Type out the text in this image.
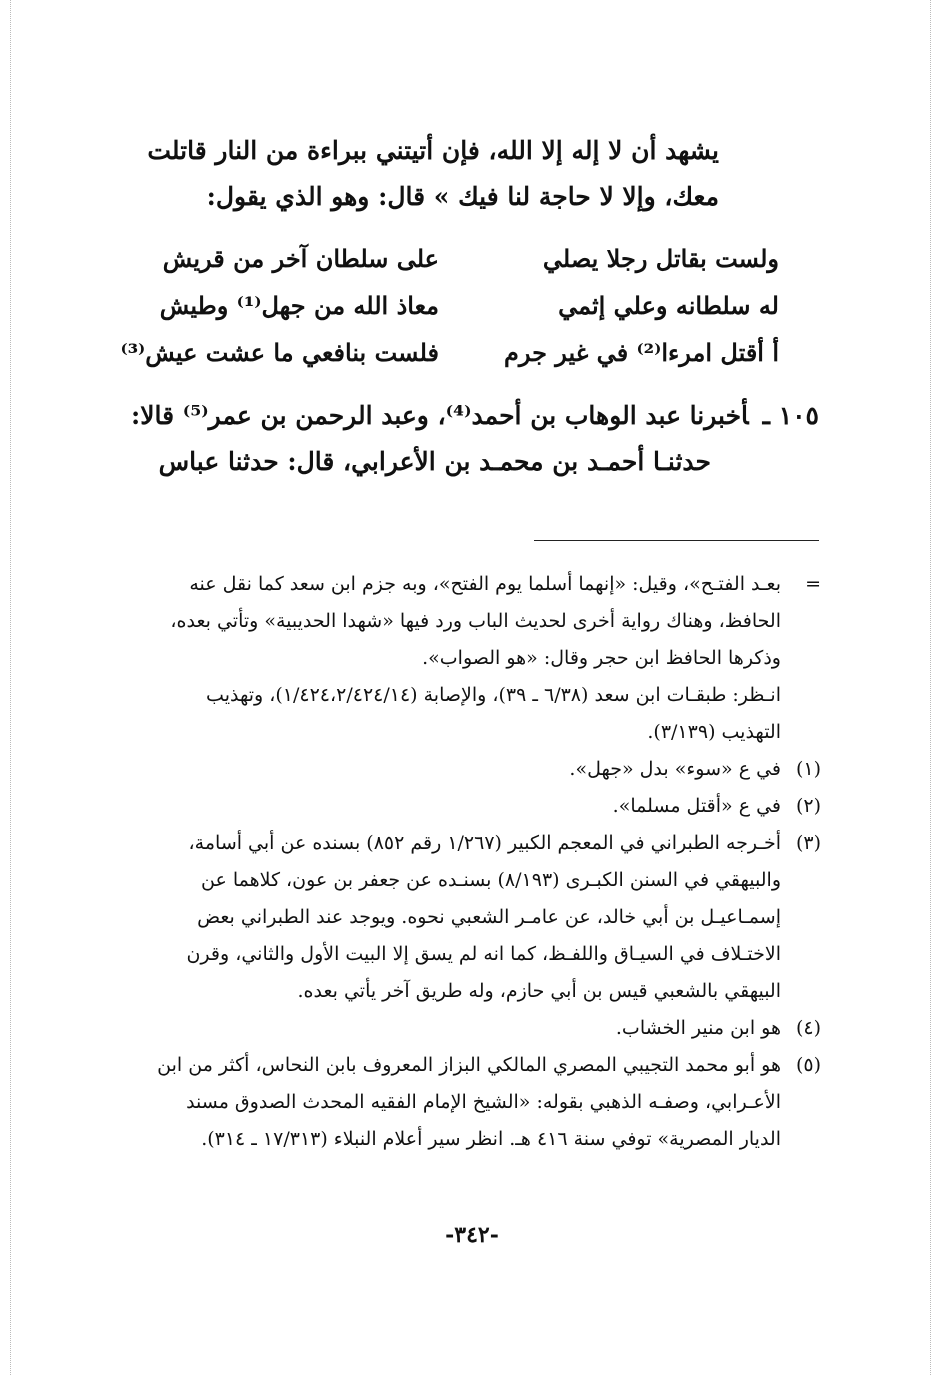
يشهد أن لا إله إلا الله، فإن أتيتني ببراءة من النار قاتلت
معك، وإلا لا حاجة لنا فيك » قال: وهو الذي يقول:
ولست بقاتل رجلا يصلي
على سلطان آخر من قريش
له سلطانه وعلي إثمي
معاذ الله من جهل⁽¹⁾ وطيش
أ أقتل امرءا⁽²⁾ في غير جرم
فلست بنافعي ما عشت عيش⁽³⁾
١٠٥ ـأخبرنا عبد الوهاب بن أحمد⁽⁴⁾، وعبد الرحمن بن عمر⁽⁵⁾ قالا:
حدثنـا أحمـد بن محمـد بن الأعرابي، قال: حدثنا عباس
=
بعـد الفتـح»، وقيل: «إنهما أسلما يوم الفتح»، وبه جزم ابن سعد كما نقل عنه
الحافظ، وهناك رواية أخرى لحديث الباب ورد فيها «شهدا الحديبية» وتأتي بعده،
وذكرها الحافظ ابن حجر وقال: «هو الصواب».
انـظر: طبقـات ابن سعد (٦/٣٨ ـ ٣٩)، والإصابة (١/٤٢٤،٢/٤٢٤/١٤)، وتهذيب
التهذيب (٣/١٣٩).
(١)
في ع «سوء» بدل «جهل».
(٢)
في ع «أقتل مسلما».
(٣)
أخـرجه الطبراني في المعجم الكبير (١/٢٦٧ رقم ٨٥٢) بسنده عن أبي أسامة،
والبيهقي في السنن الكبـرى (٨/١٩٣) بسنـده عن جعفر بن عون، كلاهما عن
إسمـاعيـل بن أبي خالد، عن عامـر الشعبي نحوه. ويوجد عند الطبراني بعض
الاختـلاف في السيـاق واللفـظ، كما انه لم يسق إلا البيت الأول والثاني، وقرن
البيهقي بالشعبي قيس بن أبي حازم، وله طريق آخر يأتي بعده.
(٤)
هو ابن منير الخشاب.
(٥)
هو أبو محمد التجيبي المصري المالكي البزاز المعروف بابن النحاس، أكثر من ابن
الأعـرابي، وصفـه الذهبي بقوله: «الشيخ الإمام الفقيه المحدث الصدوق مسند
الديار المصرية» توفي سنة ٤١٦ هـ. انظر سير أعلام النبلاء (١٧/٣١٣ ـ ٣١٤).
-٣٤٢-
